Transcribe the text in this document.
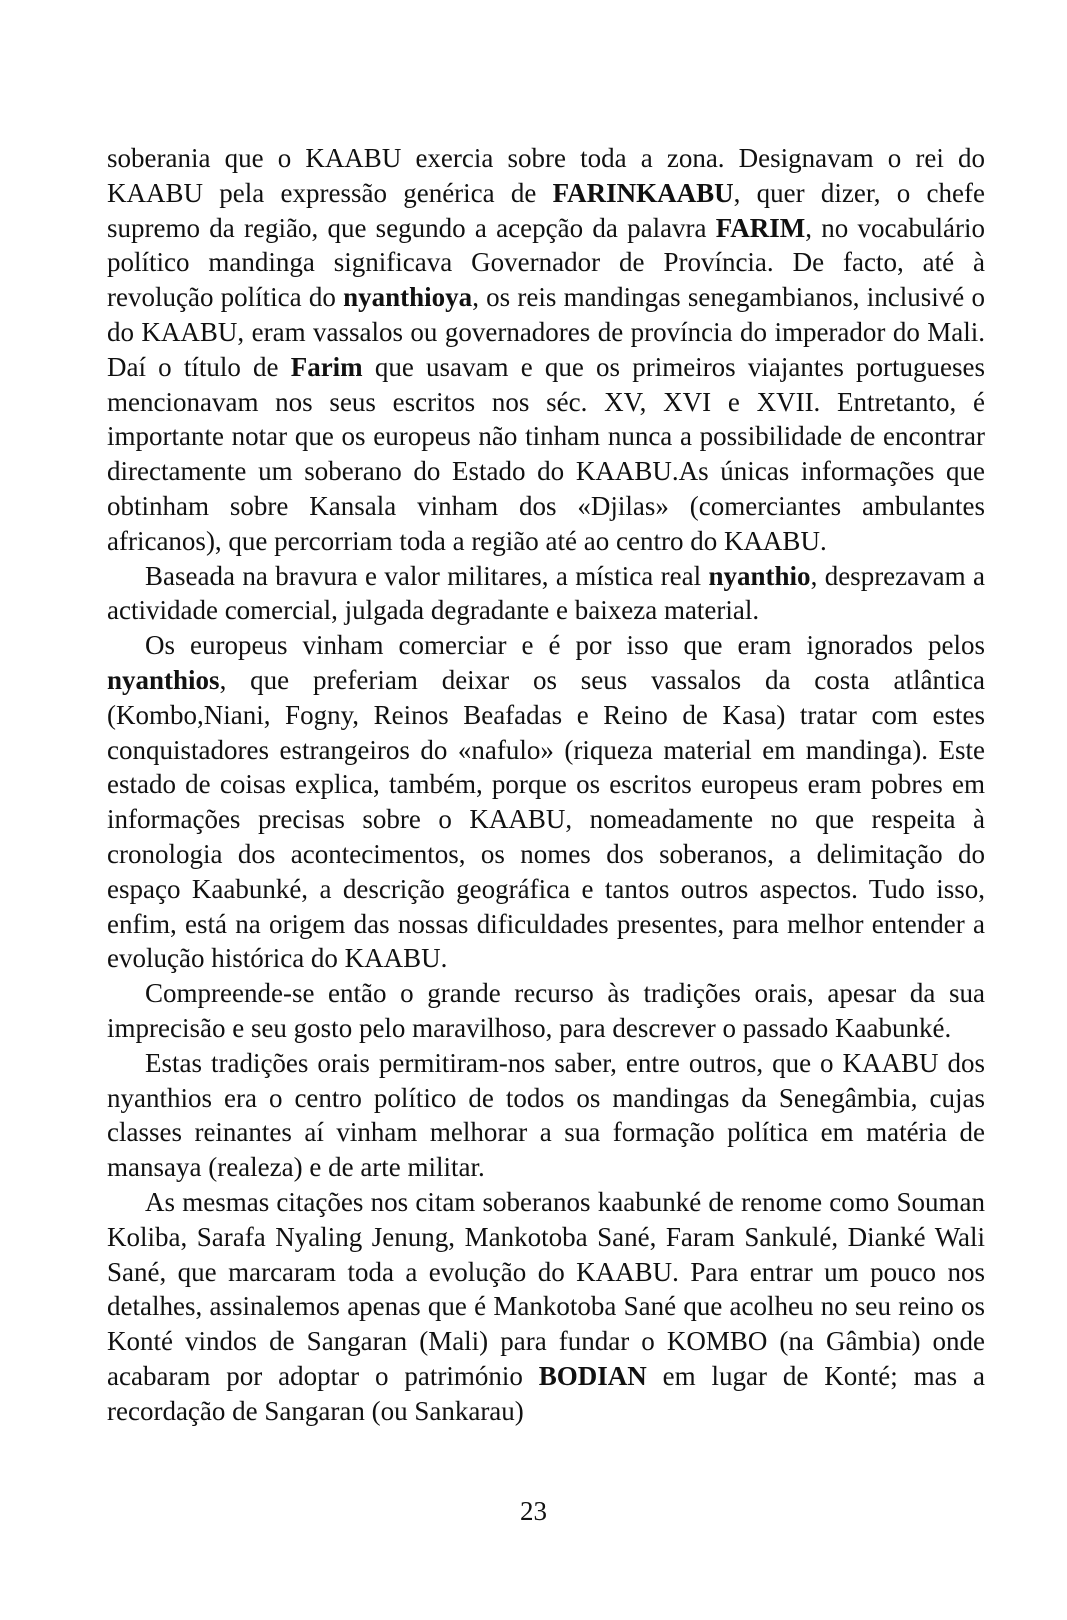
soberania que o KAABU exercia sobre toda a zona. Designavam o rei do KAABU pela expressão genérica de FARINKAABU, quer dizer, o chefe supremo da região, que segundo a acepção da palavra FARIM, no vocabulário político mandinga significava Governador de Província. De facto, até à revolução política do nyanthioya, os reis mandingas senegambianos, inclusivé o do KAABU, eram vassalos ou governadores de província do imperador do Mali. Daí o título de Farim que usavam e que os primeiros viajantes portugueses mencionavam nos seus escritos nos séc. XV, XVI e XVII. Entretanto, é importante notar que os europeus não tinham nunca a possibilidade de encontrar directamente um soberano do Estado do KAABU.As únicas informações que obtinham sobre Kansala vinham dos «Djilas» (comerciantes ambulantes africanos), que percorriam toda a região até ao centro do KAABU.

Baseada na bravura e valor militares, a mística real nyanthio, desprezavam a actividade comercial, julgada degradante e baixeza material.

Os europeus vinham comerciar e é por isso que eram ignorados pelos nyanthios, que preferiam deixar os seus vassalos da costa atlântica (Kombo,Niani, Fogny, Reinos Beafadas e Reino de Kasa) tratar com estes conquistadores estrangeiros do «nafulo» (riqueza material em mandinga). Este estado de coisas explica, também, porque os escritos europeus eram pobres em informações precisas sobre o KAABU, nomeadamente no que respeita à cronologia dos acontecimentos, os nomes dos soberanos, a delimitação do espaço Kaabunké, a descrição geográfica e tantos outros aspectos. Tudo isso, enfim, está na origem das nossas dificuldades presentes, para melhor entender a evolução histórica do KAABU.

Compreende-se então o grande recurso às tradições orais, apesar da sua imprecisão e seu gosto pelo maravilhoso, para descrever o passado Kaabunké.

Estas tradições orais permitiram-nos saber, entre outros, que o KAABU dos nyanthios era o centro político de todos os mandingas da Senegâmbia, cujas classes reinantes aí vinham melhorar a sua formação política em matéria de mansaya (realeza) e de arte militar.

As mesmas citações nos citam soberanos kaabunké de renome como Souman Koliba, Sarafa Nyaling Jenung, Mankotoba Sané, Faram Sankulé, Dianké Wali Sané, que marcaram toda a evolução do KAABU. Para entrar um pouco nos detalhes, assinalemos apenas que é Mankotoba Sané que acolheu no seu reino os Konté vindos de Sangaran (Mali) para fundar o KOMBO (na Gâmbia) onde acabaram por adoptar o património BODIAN em lugar de Konté; mas a recordação de Sangaran (ou Sankarau)

23
